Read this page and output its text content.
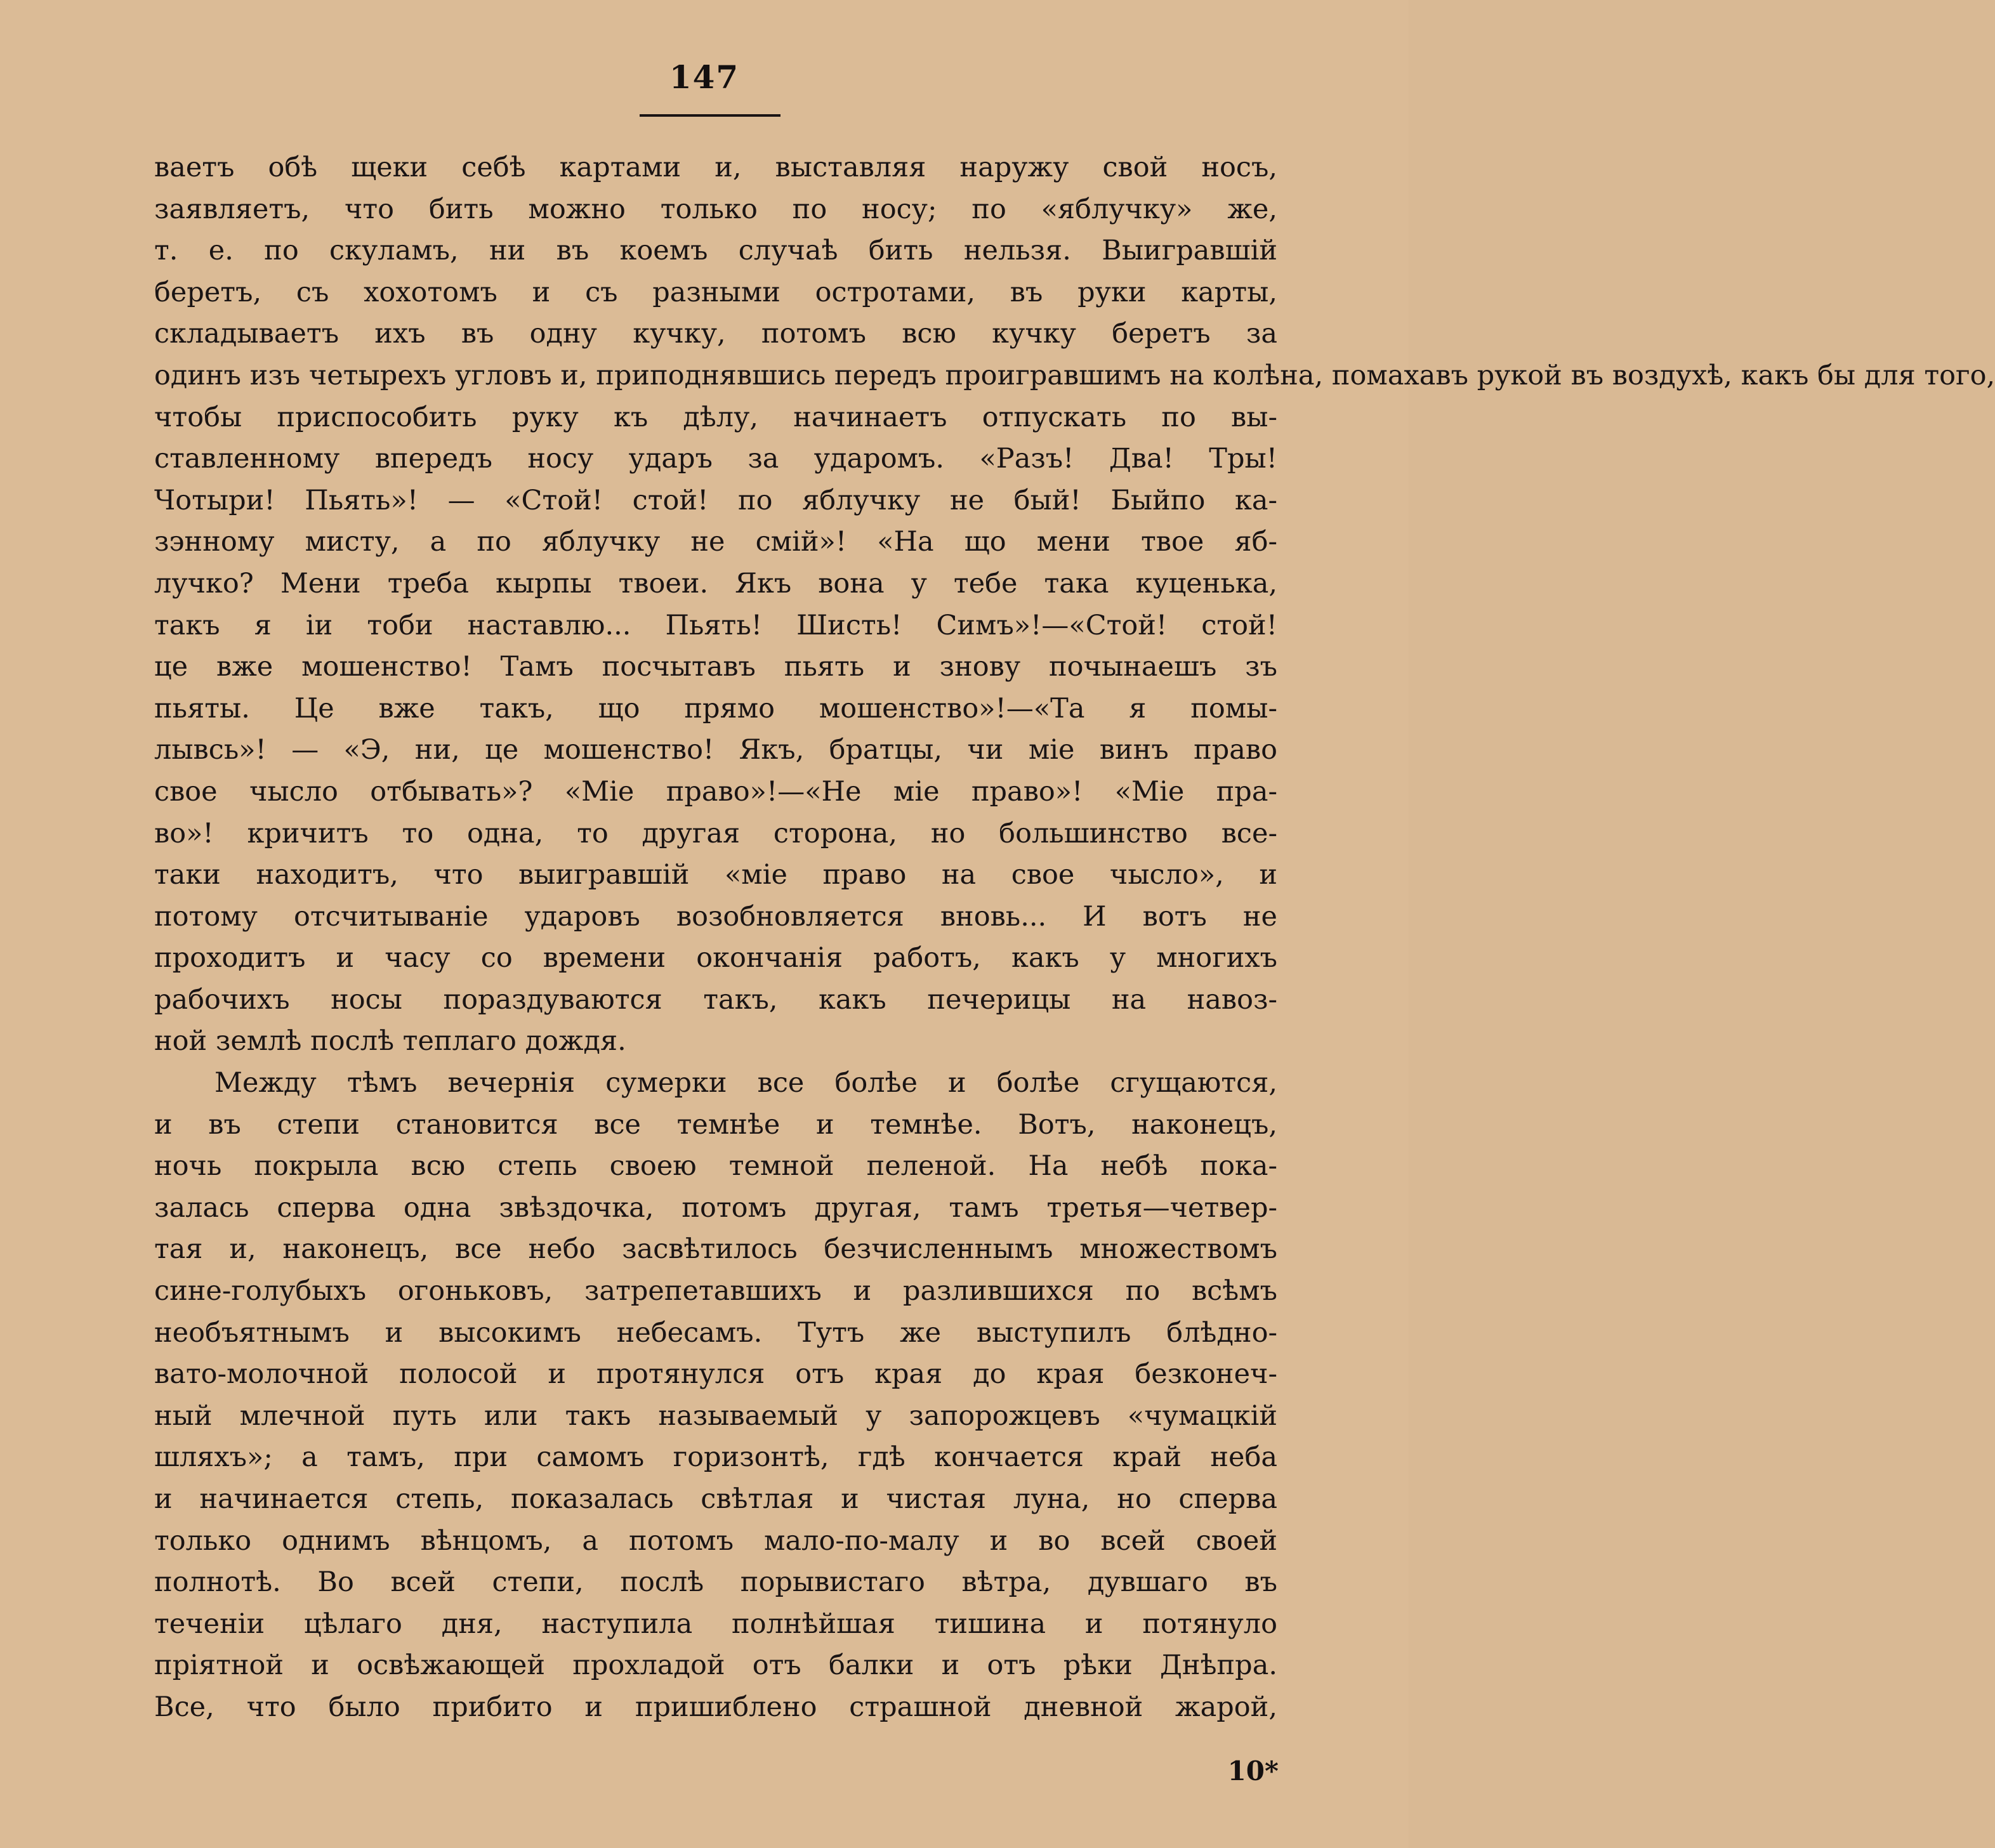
147
ваетъ обѣ щеки себѣ картами и, выставляя наружу свой носъ,
заявляетъ, что бить можно только по носу; по «яблучку» же,
т. е. по скуламъ, ни въ коемъ случаѣ бить нельзя. Выигравшій
беретъ, съ хохотомъ и съ разными остротами, въ руки карты,
складываетъ ихъ въ одну кучку, потомъ всю кучку беретъ за
одинъ изъ четырехъ угловъ и, приподнявшись передъ проигравшимъ на колѣна, помахавъ рукой въ воздухѣ, какъ бы для того,
чтобы приспособить руку къ дѣлу, начинаетъ отпускать по вы-
ставленному впередъ носу ударъ за ударомъ. «Разъ! Два! Тры!
Чотыри! Пьять»! — «Стой! стой! по яблучку не бый! Быйпо ка-
зэнному мисту, а по яблучку не смій»! «На що мени твое яб-
лучко? Мени треба кырпы твоеи. Якъ вона у тебе така куценька,
такъ я іи тоби наставлю... Пьять! Шисть! Симъ»!—«Стой! стой!
це вже мошенство! Тамъ посчытавъ пьять и знову почынаешъ зъ
пьяты. Це вже такъ, що прямо мошенство»!—«Та я помы-
лывсь»! — «Э, ни, це мошенство! Якъ, братцы, чи міе винъ право
свое чысло отбывать»? «Міе право»!—«Не міе право»! «Міе пра-
во»! кричитъ то одна, то другая сторона, но большинство все-
таки находитъ, что выигравшій «міе право на свое чысло», и
потому отсчитываніе ударовъ возобновляется вновь... И вотъ не
проходитъ и часу со времени окончанія работъ, какъ у многихъ
рабочихъ носы пораздуваются такъ, какъ печерицы на навоз-
ной землѣ послѣ теплаго дождя.
Между тѣмъ вечернія сумерки все болѣе и болѣе сгущаются,
и въ степи становится все темнѣе и темнѣе. Вотъ, наконецъ,
ночь покрыла всю степь своею темной пеленой. На небѣ пока-
залась сперва одна звѣздочка, потомъ другая, тамъ третья—четвер-
тая и, наконецъ, все небо засвѣтилось безчисленнымъ множествомъ
сине-голубыхъ огоньковъ, затрепетавшихъ и разлившихся по всѣмъ
необъятнымъ и высокимъ небесамъ. Тутъ же выступилъ блѣдно-
вато-молочной полосой и протянулся отъ края до края безконеч-
ный млечной путь или такъ называемый у запорожцевъ «чумацкій
шляхъ»; а тамъ, при самомъ горизонтѣ, гдѣ кончается край неба
и начинается степь, показалась свѣтлая и чистая луна, но сперва
только однимъ вѣнцомъ, а потомъ мало-по-малу и во всей своей
полнотѣ. Во всей степи, послѣ порывистаго вѣтра, дувшаго въ
теченіи цѣлаго дня, наступила полнѣйшая тишина и потянуло
пріятной и освѣжающей прохладой отъ балки и отъ рѣки Днѣпра.
Все, что было прибито и пришиблено страшной дневной жарой,
10*
